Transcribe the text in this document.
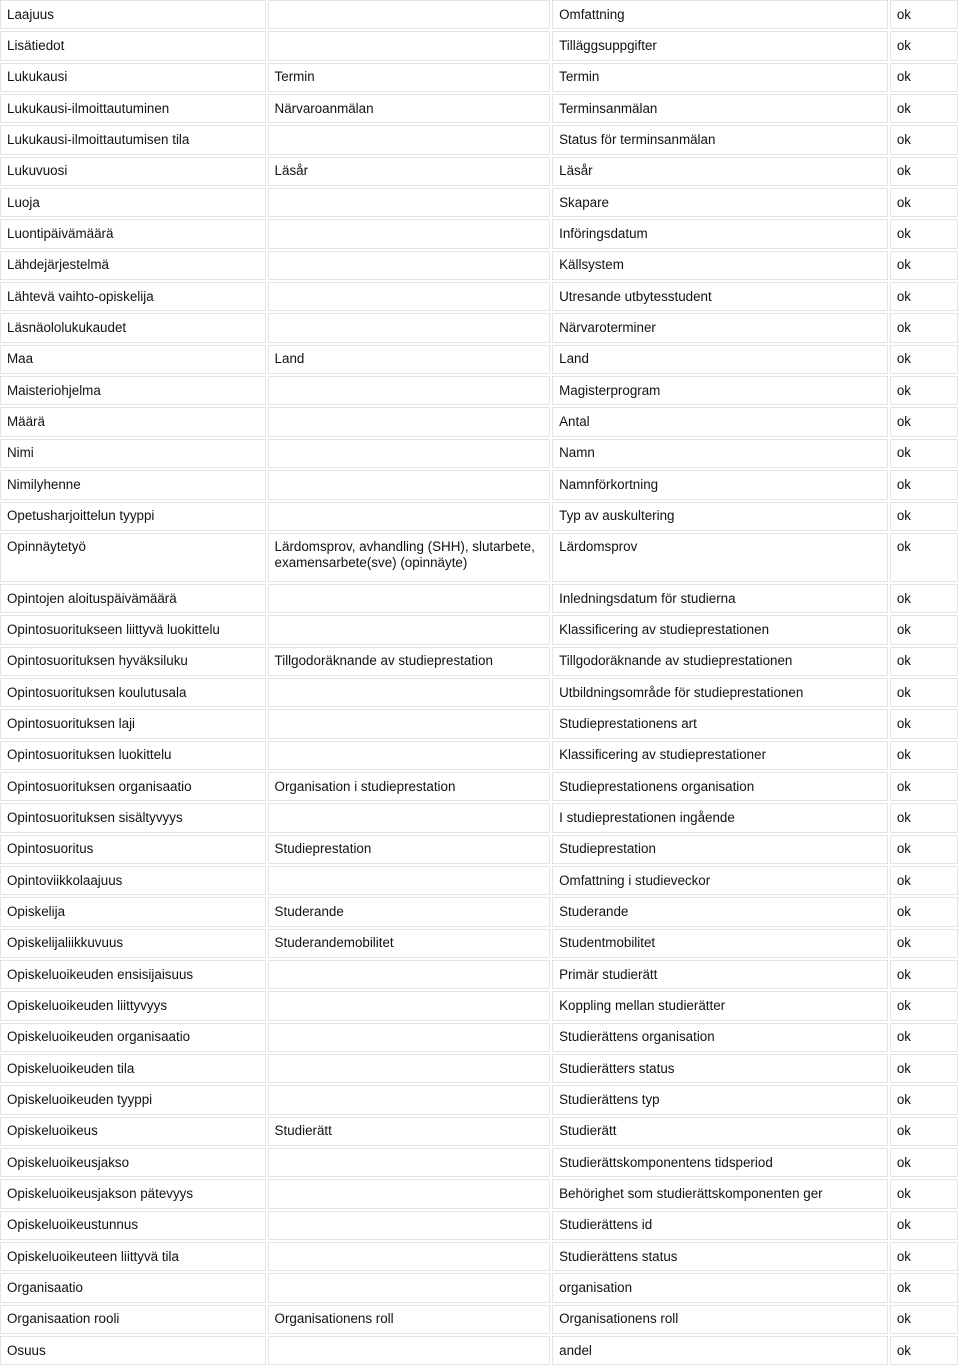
Laajuus		Omfattning	ok
Lisätiedot		Tilläggsuppgifter	ok
Lukukausi	Termin	Termin	ok
Lukukausi-ilmoittautuminen	Närvaroanmälan	Terminsanmälan	ok
Lukukausi-ilmoittautumisen tila		Status för terminsanmälan	ok
Lukuvuosi	Läsår	Läsår	ok
Luoja		Skapare	ok
Luontipäivämäärä		Införingsdatum	ok
Lähdejärjestelmä		Källsystem	ok
Lähtevä vaihto-opiskelija		Utresande utbytesstudent	ok
Läsnäololukukaudet		Närvaroterminer	ok
Maa	Land	Land	ok
Maisteriohjelma		Magisterprogram	ok
Määrä		Antal	ok
Nimi		Namn	ok
Nimilyhenne		Namnförkortning	ok
Opetusharjoittelun tyyppi		Typ av auskultering	ok
Opinnäytetyö	Lärdomsprov, avhandling (SHH), slutarbete, examensarbete(sve) (opinnäyte)	Lärdomsprov	ok
Opintojen aloituspäivämäärä		Inledningsdatum för studierna	ok
Opintosuoritukseen liittyvä luokittelu		Klassificering av studieprestationen	ok
Opintosuorituksen hyväksiluku	Tillgodoräknande av studieprestation	Tillgodoräknande av studieprestationen	ok
Opintosuorituksen koulutusala		Utbildningsområde för studieprestationen	ok
Opintosuorituksen laji		Studieprestationens art	ok
Opintosuorituksen luokittelu		Klassificering av studieprestationer	ok
Opintosuorituksen organisaatio	Organisation i studieprestation	Studieprestationens organisation	ok
Opintosuorituksen sisältyvyys		I studieprestationen ingående	ok
Opintosuoritus	Studieprestation	Studieprestation	ok
Opintoviikkolaajuus		Omfattning i studieveckor	ok
Opiskelija	Studerande	Studerande	ok
Opiskelijaliikkuvuus	Studerandemobilitet	Studentmobilitet	ok
Opiskeluoikeuden ensisijaisuus		Primär studierätt	ok
Opiskeluoikeuden liittyvyys		Koppling mellan studierätter	ok
Opiskeluoikeuden organisaatio		Studierättens organisation	ok
Opiskeluoikeuden tila		Studierätters status	ok
Opiskeluoikeuden tyyppi		Studierättens typ	ok
Opiskeluoikeus	Studierätt	Studierätt	ok
Opiskeluoikeusjakso		Studierättskomponentens tidsperiod	ok
Opiskeluoikeusjakson pätevyys		Behörighet som studierättskomponenten ger	ok
Opiskeluoikeustunnus		Studierättens id	ok
Opiskeluoikeuteen liittyvä tila		Studierättens status	ok
Organisaatio		organisation	ok
Organisaation rooli	Organisationens roll	Organisationens roll	ok
Osuus		andel	ok
